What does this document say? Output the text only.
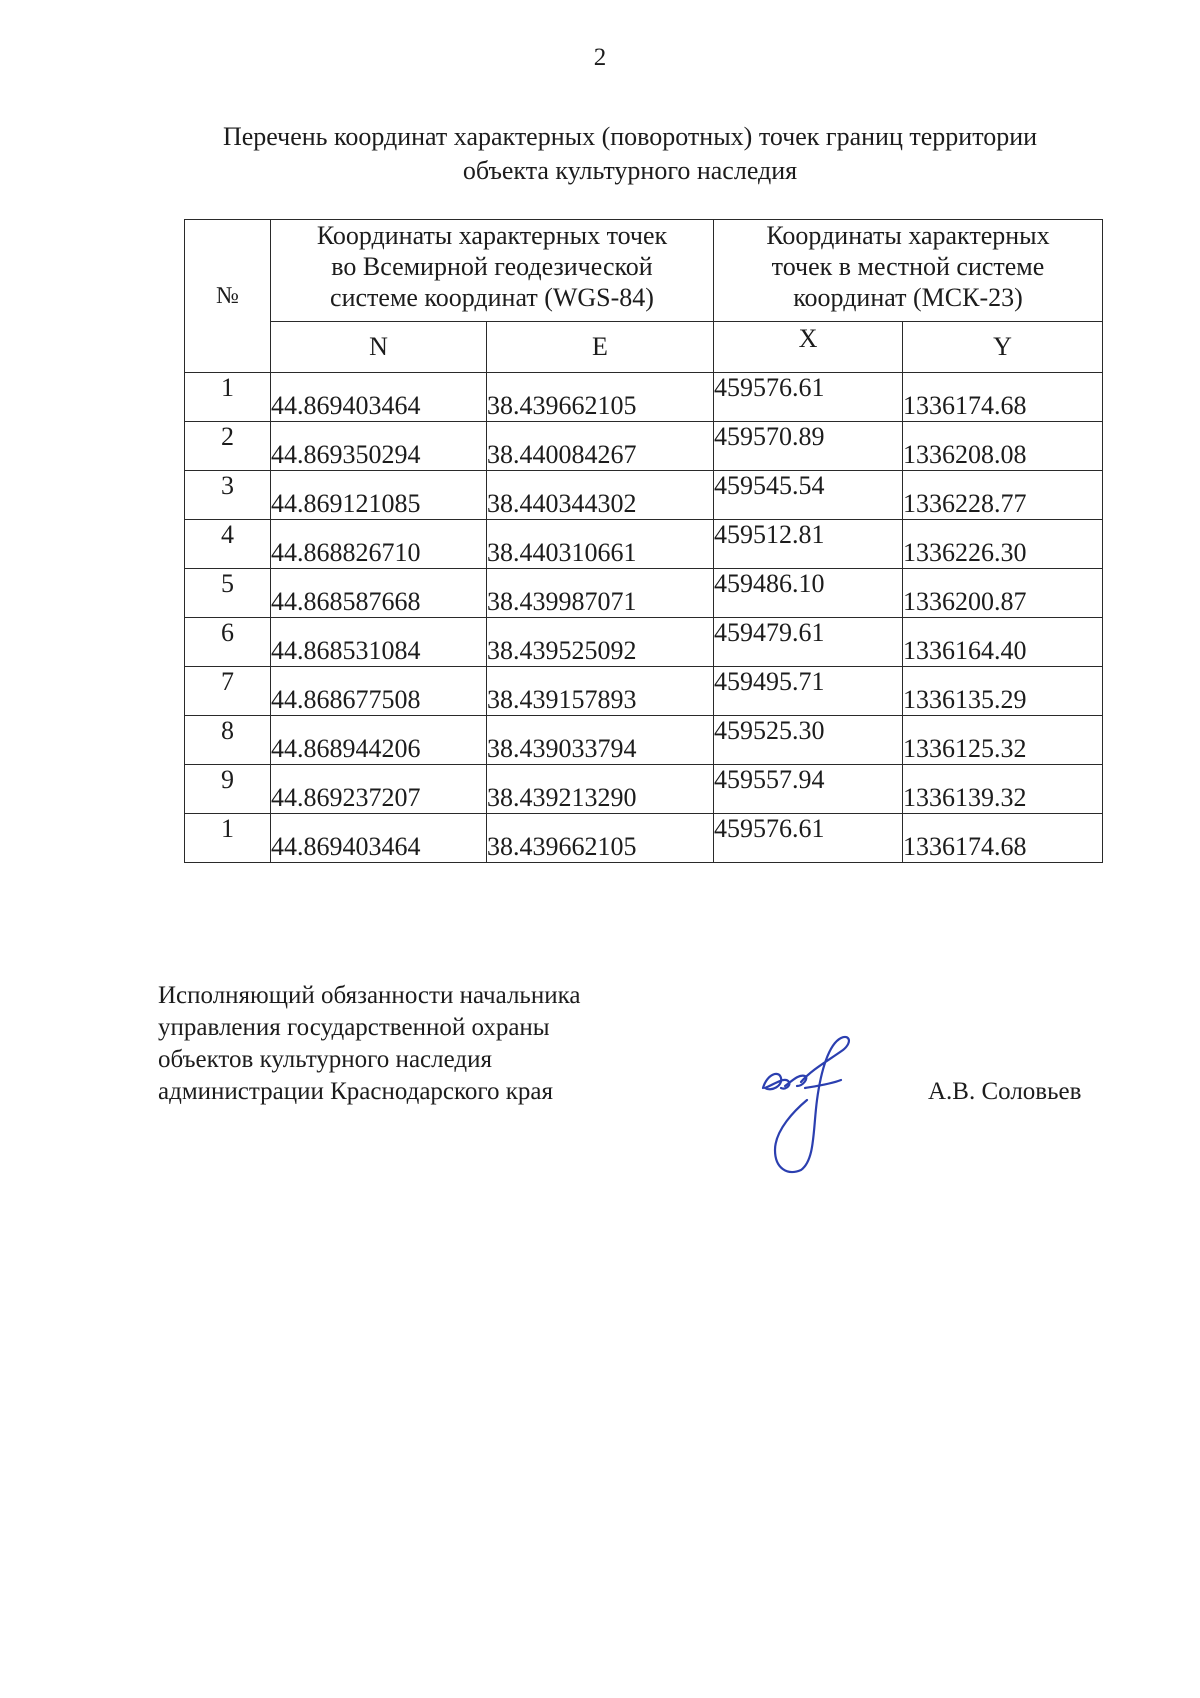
2
Перечень координат характерных (поворотных) точек границ территории
объекта культурного наследия
№	Координаты характерных точек
во Всемирной геодезической
системе координат (WGS-84)		Координаты характерных
точек в местной системе
координат (МСК-23)	

	N	E	X	Y
1	44.869403464	38.439662105	459576.61	1336174.68
2	44.869350294	38.440084267	459570.89	1336208.08
3	44.869121085	38.440344302	459545.54	1336228.77
4	44.868826710	38.440310661	459512.81	1336226.30
5	44.868587668	38.439987071	459486.10	1336200.87
6	44.868531084	38.439525092	459479.61	1336164.40
7	44.868677508	38.439157893	459495.71	1336135.29
8	44.868944206	38.439033794	459525.30	1336125.32
9	44.869237207	38.439213290	459557.94	1336139.32
1	44.869403464	38.439662105	459576.61	1336174.68
Исполняющий обязанности начальника
управления государственной охраны
объектов культурного наследия
администрации Краснодарского края	А.В. Соловьев
